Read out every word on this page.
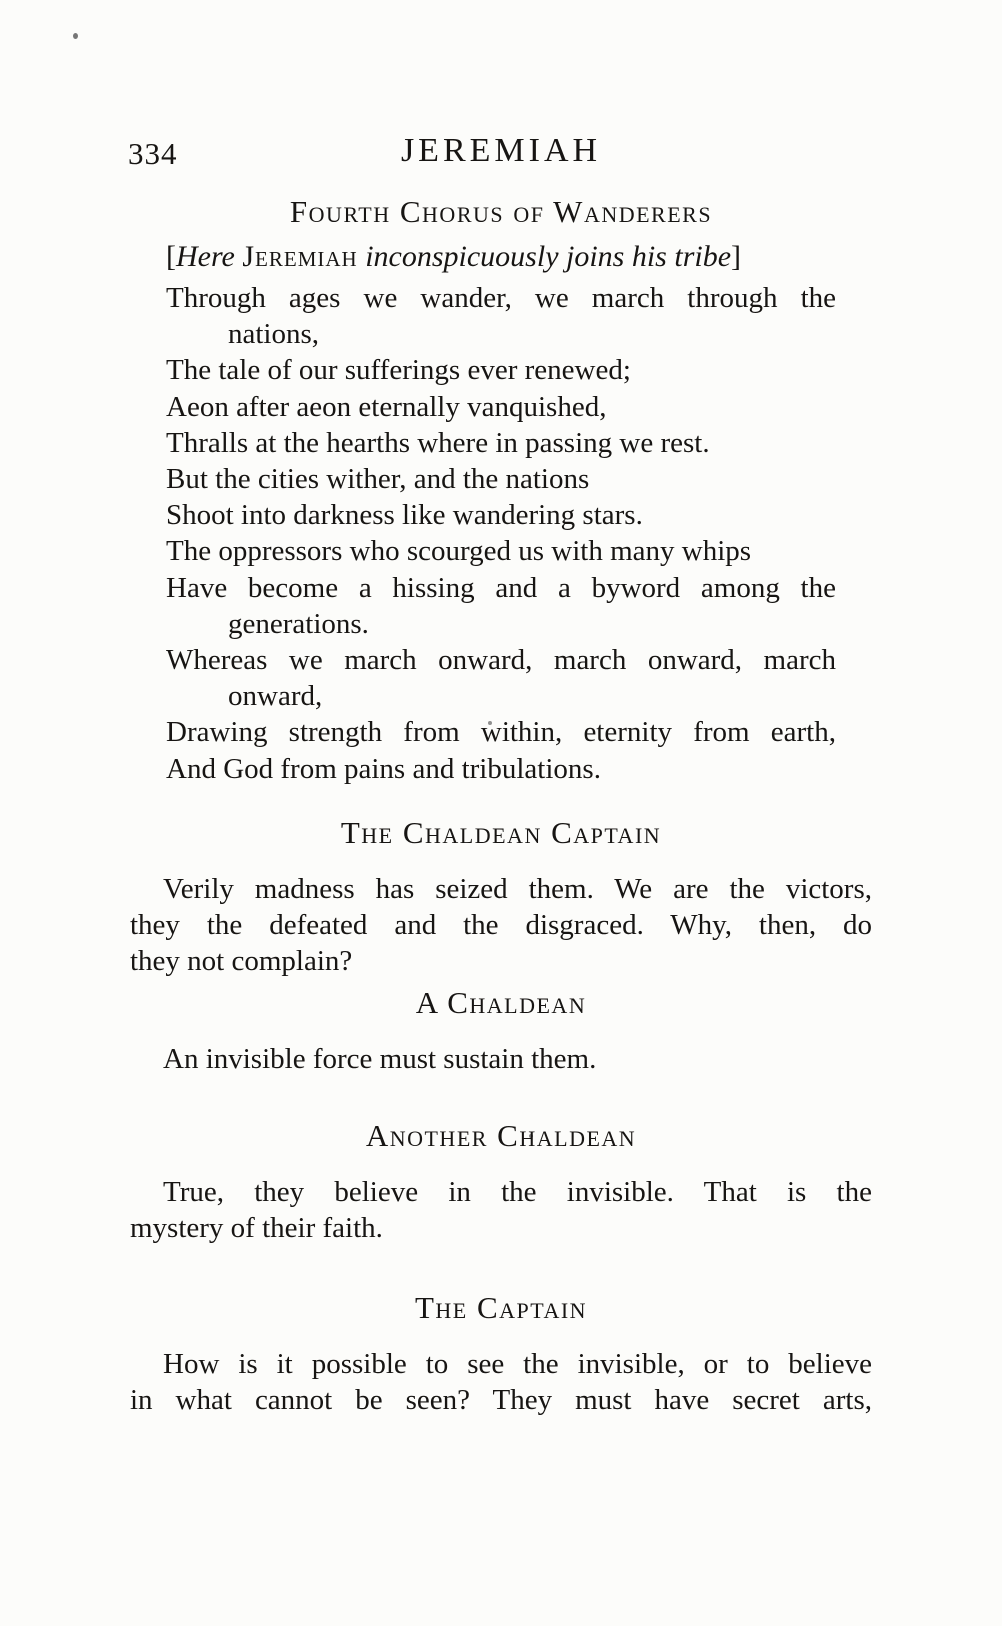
334	JEREMIAH
Fourth Chorus of Wanderers
[Here Jeremiah inconspicuously joins his tribe]
Through ages we wander, we march through the
nations,
The tale of our sufferings ever renewed;
Aeon after aeon eternally vanquished,
Thralls at the hearths where in passing we rest.
But the cities wither, and the nations
Shoot into darkness like wandering stars.
The oppressors who scourged us with many whips
Have become a hissing and a byword among the
generations.
Whereas we march onward, march onward, march
onward,
Drawing strength from within, eternity from earth,
And God from pains and tribulations.
The Chaldean Captain
Verily madness has seized them. We are the victors,
they the defeated and the disgraced. Why, then, do
they not complain?
A Chaldean
An invisible force must sustain them.
Another Chaldean
True, they believe in the invisible. That is the
mystery of their faith.
The Captain
How is it possible to see the invisible, or to believe
in what cannot be seen? They must have secret arts,
